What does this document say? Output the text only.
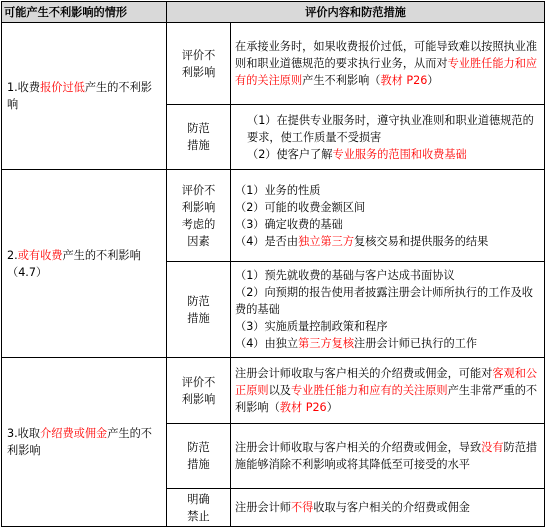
可能产生不利影响的情形	评价内容和防范措施	
1.收费报价过低产生的不利影响	评价不
利影响	在承接业务时，如果收费报价过低，可能导致难以按照执业准则和职业道德规范的要求执行业务，从而对专业胜任能力和应有的关注原则产生不利影响（教材 P26）

	防范
措施	（1）在提供专业服务时，遵守执业准则和职业道德规范的要求，使工作质量不受损害
（2）使客户了解专业服务的范围和收费基础

2.或有收费产生的不利影响（4.7）	评价不
利影响
考虑的
因素	（1）业务的性质
（2）可能的收费金额区间
（3）确定收费的基础
（4）是否由独立第三方复核交易和提供服务的结果

	防范
措施	（1）预先就收费的基础与客户达成书面协议
（2）向预期的报告使用者披露注册会计师所执行的工作及收费的基础
（3）实施质量控制政策和程序
（4）由独立第三方复核注册会计师已执行的工作

3.收取介绍费或佣金产生的不利影响	评价不
利影响	注册会计师收取与客户相关的介绍费或佣金，可能对客观和公正原则以及专业胜任能力和应有的关注原则产生非常严重的不利影响（教材 P26）

	防范
措施	注册会计师收取与客户相关的介绍费或佣金，导致没有防范措施能够消除不利影响或将其降低至可接受的水平

	明确
禁止	注册会计师不得收取与客户相关的介绍费或佣金
